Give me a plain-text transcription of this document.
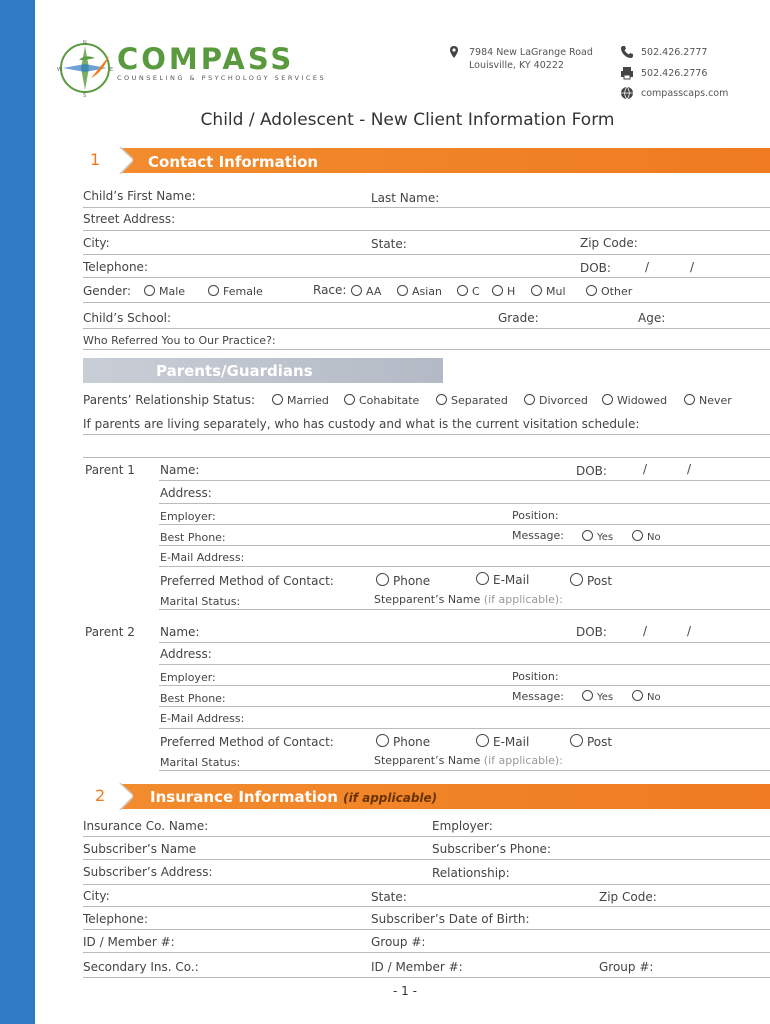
N
W	E
S
COMPASS
COUNSELING & PSYCHOLOGY SERVICES
7984 New LaGrange Road
Louisville, KY 40222
502.426.2777
502.426.2776
compasscaps.com
Child / Adolescent - New Client Information Form
1	Contact Information
Child’s First Name:	Last Name:
Street Address:
City:	State:	Zip Code:
Telephone:	DOB:	/	/
Gender:	Male	Female	Race:	AA	Asian	C	H	Mul	Other
Child’s School:	Grade:	Age:
Who Referred You to Our Practice?:
Parents/Guardians
Parents’ Relationship Status:	Married	Cohabitate	Separated	Divorced	Widowed	Never
If parents are living separately, who has custody and what is the current visitation schedule:
Parent 1 Name:	DOB:	/	/
Address:
Employer:	Position:
Best Phone:	Message:	Yes	No
E-Mail Address:
Preferred Method of Contact:	Phone	E-Mail	Post
Marital Status:	Stepparent’s Name (if applicable):
Parent 2 Name:	DOB:	/	/
Address:
Employer:	Position:
Best Phone:	Message:	Yes	No
E-Mail Address:
Preferred Method of Contact:	Phone	E-Mail	Post
Marital Status:	Stepparent’s Name (if applicable):
2	Insurance Information (if applicable)
Insurance Co. Name:	Employer:
Subscriber’s Name	Subscriber’s Phone:
Subscriber’s Address:	Relationship:
City:	State:	Zip Code:
Telephone:	Subscriber’s Date of Birth:
ID / Member #:	Group #:
Secondary Ins. Co.:	ID / Member #:	Group #:
- 1 -
